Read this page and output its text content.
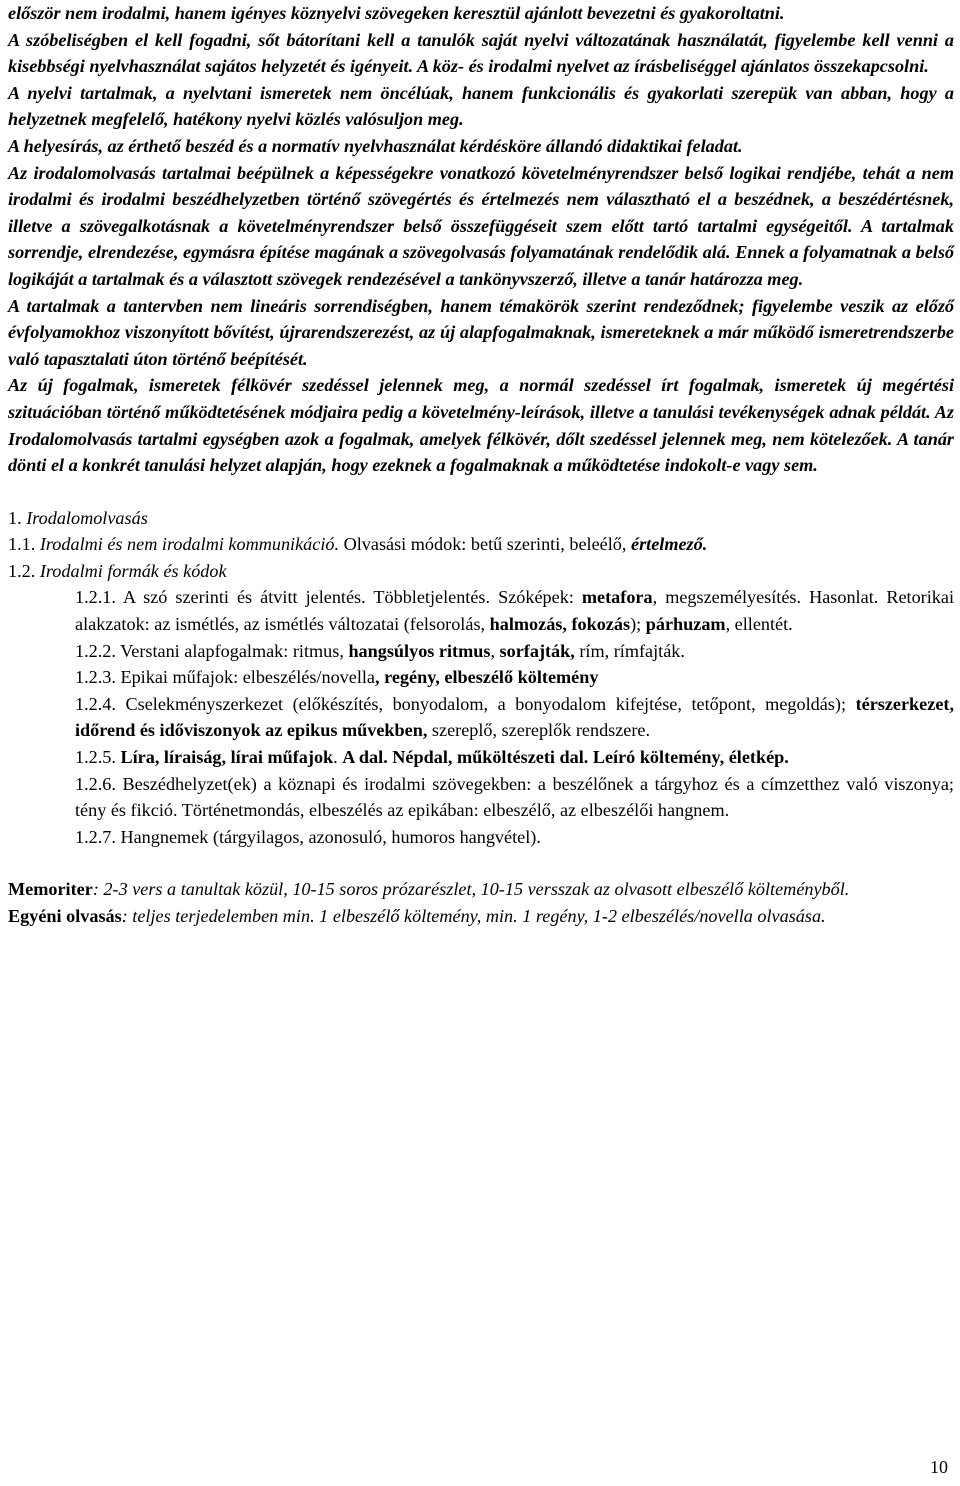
először nem irodalmi, hanem igényes köznyelvi szövegeken keresztül ajánlott bevezetni és gyakoroltatni.

A szóbeliségben el kell fogadni, sőt bátorítani kell a tanulók saját nyelvi változatának használatát, figyelembe kell venni a kisebbségi nyelvhasználat sajátos helyzetét és igényeit. A köz- és irodalmi nyelvet az írásbeliséggel ajánlatos összekapcsolni.

A nyelvi tartalmak, a nyelvtani ismeretek nem öncélúak, hanem funkcionális és gyakorlati szerepük van abban, hogy a helyzetnek megfelelő, hatékony nyelvi közlés valósuljon meg.

A helyesírás, az érthető beszéd és a normatív nyelvhasználat kérdésköre állandó didaktikai feladat.

Az irodalomolvasás tartalmai beépülnek a képességekre vonatkozó követelményrendszer belső logikai rendjébe, tehát a nem irodalmi és irodalmi beszédhelyzetben történő szövegértés és értelmezés nem választható el a beszédnek, a beszédértésnek, illetve a szövegalkotásnak a követelményrendszer belső összefüggéseit szem előtt tartó tartalmi egységeitől. A tartalmak sorrendje, elrendezése, egymásra építése magának a szövegolvasás folyamatának rendelődik alá. Ennek a folyamatnak a belső logikáját a tartalmak és a választott szövegek rendezésével a tankönyvszerző, illetve a tanár határozza meg.

A tartalmak a tantervben nem lineáris sorrendiségben, hanem témakörök szerint rendeződnek; figyelembe veszik az előző évfolyamokhoz viszonyított bővítést, újrarendszerezést, az új alapfogalmaknak, ismereteknek a már működő ismeretrendszerbe való tapasztalati úton történő beépítését.

Az új fogalmak, ismeretek félkövér szedéssel jelennek meg, a normál szedéssel írt fogalmak, ismeretek új megértési szituációban történő működtetésének módjaira pedig a követelmény-leírások, illetve a tanulási tevékenységek adnak példát. Az Irodalomolvasás tartalmi egységben azok a fogalmak, amelyek félkövér, dőlt szedéssel jelennek meg, nem kötelezőek. A tanár dönti el a konkrét tanulási helyzet alapján, hogy ezeknek a fogalmaknak a működtetése indokolt-e vagy sem.

1. Irodalomolvasás

1.1. Irodalmi és nem irodalmi kommunikáció. Olvasási módok: betű szerinti, beleélő, értelmező.

1.2. Irodalmi formák és kódok

1.2.1. A szó szerinti és átvitt jelentés. Többletjelentés. Szóképek: metafora, megszemélyesítés. Hasonlat. Retorikai alakzatok: az ismétlés, az ismétlés változatai (felsorolás, halmozás, fokozás); párhuzam, ellentét.

1.2.2. Verstani alapfogalmak: ritmus, hangsúlyos ritmus, sorfajták, rím, rímfajták.

1.2.3. Epikai műfajok: elbeszélés/novella, regény, elbeszélő költemény

1.2.4. Cselekményszerkezet (előkészítés, bonyodalom, a bonyodalom kifejtése, tetőpont, megoldás); térszerkezet, időrend és időviszonyok az epikus művekben, szereplő, szereplők rendszere.

1.2.5. Líra, líraiság, lírai műfajok. A dal. Népdal, műköltészeti dal. Leíró költemény, életkép.

1.2.6. Beszédhelyzet(ek) a köznapi és irodalmi szövegekben: a beszélőnek a tárgyhoz és a címzetthez való viszonya; tény és fikció. Történetmondás, elbeszélés az epikában: elbeszélő, az elbeszélői hangnem.

1.2.7. Hangnemek (tárgyilagos, azonosuló, humoros hangvétel).

Memoriter: 2-3 vers a tanultak közül, 10-15 soros prózarészlet, 10-15 versszak az olvasott elbeszélő költeményből.

Egyéni olvasás: teljes terjedelemben min. 1 elbeszélő költemény, min. 1 regény, 1-2 elbeszélés/novella olvasása.

10
